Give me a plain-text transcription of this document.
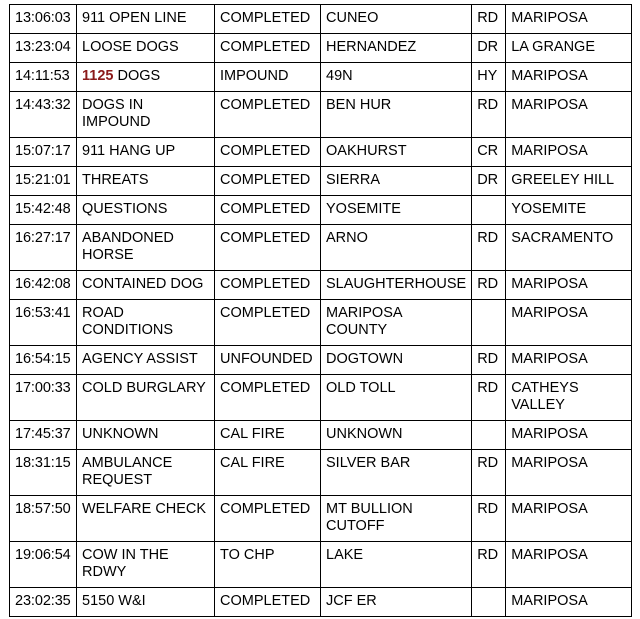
13:06:03	911 OPEN LINE	COMPLETED	CUNEO	RD	MARIPOSA
13:23:04	LOOSE DOGS	COMPLETED	HERNANDEZ	DR	LA GRANGE
14:11:53	1125 DOGS	IMPOUND	49N	HY	MARIPOSA
14:43:32	DOGS IN IMPOUND	COMPLETED	BEN HUR	RD	MARIPOSA
15:07:17	911 HANG UP	COMPLETED	OAKHURST	CR	MARIPOSA
15:21:01	THREATS	COMPLETED	SIERRA	DR	GREELEY HILL
15:42:48	QUESTIONS	COMPLETED	YOSEMITE		YOSEMITE
16:27:17	ABANDONED HORSE	COMPLETED	ARNO	RD	SACRAMENTO
16:42:08	CONTAINED DOG	COMPLETED	SLAUGHTERHOUSE	RD	MARIPOSA
16:53:41	ROAD CONDITIONS	COMPLETED	MARIPOSA COUNTY		MARIPOSA
16:54:15	AGENCY ASSIST	UNFOUNDED	DOGTOWN	RD	MARIPOSA
17:00:33	COLD BURGLARY	COMPLETED	OLD TOLL	RD	CATHEYS VALLEY
17:45:37	UNKNOWN	CAL FIRE	UNKNOWN		MARIPOSA
18:31:15	AMBULANCE REQUEST	CAL FIRE	SILVER BAR	RD	MARIPOSA
18:57:50	WELFARE CHECK	COMPLETED	MT BULLION CUTOFF	RD	MARIPOSA
19:06:54	COW IN THE RDWY	TO CHP	LAKE	RD	MARIPOSA
23:02:35	5150 W&I	COMPLETED	JCF ER		MARIPOSA
